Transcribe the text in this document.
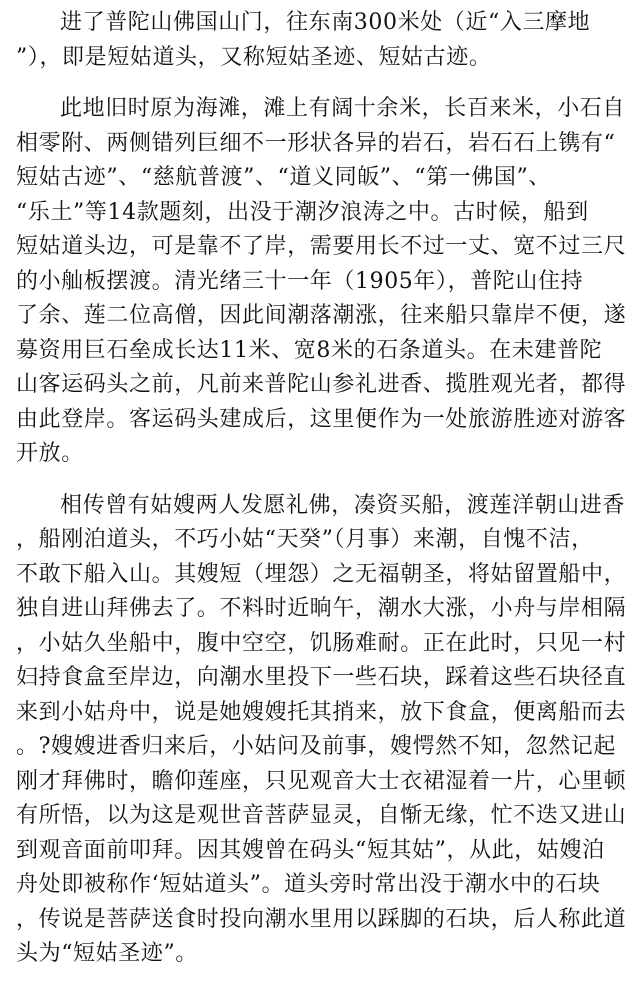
进了普陀山佛国山门，往东南300米处（近“入三摩地
”），即是短姑道头，又称短姑圣迹、短姑古迹。
此地旧时原为海滩，滩上有阔十余米，长百来米，小石自
相零附、两侧错列巨细不一形状各异的岩石，岩石石上镌有“
短姑古迹”、“慈航普渡”、“道义同皈”、“第一佛国”、
“乐土”等14款题刻，出没于潮汐浪涛之中。古时候，船到
短姑道头边，可是靠不了岸，需要用长不过一丈、宽不过三尺
的小舢板摆渡。清光绪三十一年（1905年），普陀山住持
了余、莲二位高僧，因此间潮落潮涨，往来船只靠岸不便，遂
募资用巨石垒成长达11米、宽8米的石条道头。在未建普陀
山客运码头之前，凡前来普陀山参礼进香、揽胜观光者，都得
由此登岸。客运码头建成后，这里便作为一处旅游胜迹对游客
开放。
相传曾有姑嫂两人发愿礼佛，凑资买船，渡莲洋朝山进香
，船刚泊道头，不巧小姑“天癸”（月事）来潮，自愧不洁，
不敢下船入山。其嫂短（埋怨）之无福朝圣，将姑留置船中，
独自进山拜佛去了。不料时近晌午，潮水大涨，小舟与岸相隔
，小姑久坐船中，腹中空空，饥肠难耐。正在此时，只见一村
妇持食盒至岸边，向潮水里投下一些石块，踩着这些石块径直
来到小姑舟中，说是她嫂嫂托其捎来，放下食盒，便离船而去
。?嫂嫂进香归来后，小姑问及前事，嫂愕然不知，忽然记起
刚才拜佛时，瞻仰莲座，只见观音大士衣裙湿着一片，心里顿
有所悟，以为这是观世音菩萨显灵，自惭无缘，忙不迭又进山
到观音面前叩拜。因其嫂曾在码头“短其姑”，从此，姑嫂泊
舟处即被称作‘短姑道头”。道头旁时常出没于潮水中的石块
，传说是菩萨送食时投向潮水里用以踩脚的石块，后人称此道
头为“短姑圣迹”。
